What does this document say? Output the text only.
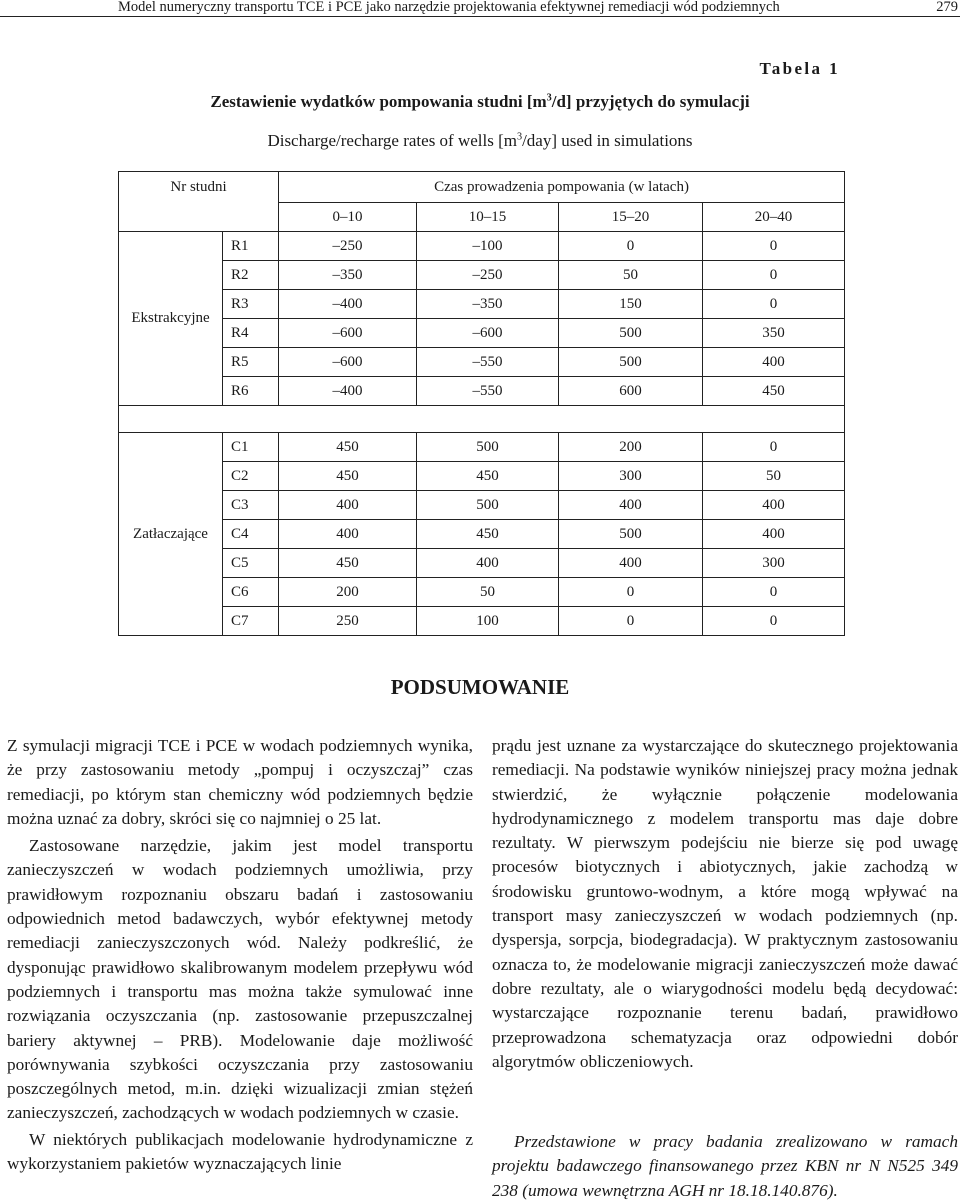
Model numeryczny transportu TCE i PCE jako narzędzie projektowania efektywnej remediacji wód podziemnych	279
Tabela 1
Zestawienie wydatków pompowania studni $[m^3/d]$ przyjętych do symulacji
Discharge/recharge rates of wells $[m^3/day]$ used in simulations
Nr studni		Czas prowadzenia pompowania (w latach)			
		0–10	10–15	15–20	20–40
Ekstrakcyjne	R1	–250	–100	0	0
	R2	–350	–250	50	0
	R3	–400	–350	150	0
	R4	–600	–600	500	350
	R5	–600	–550	500	400
	R6	–400	–550	600	450

Zatłaczające	C1	450	500	200	0
	C2	450	450	300	50
	C3	400	500	400	400
	C4	400	450	500	400
	C5	450	400	400	300
	C6	200	50	0	0
	C7	250	100	0	0
PODSUMOWANIE

Z symulacji migracji TCE i PCE w wodach podziemnych wynika, że przy zastosowaniu metody „pompuj i oczyszczaj” czas remediacji, po którym stan chemiczny wód podziemnych będzie można uznać za dobry, skróci się co najmniej o 25 lat.

Zastosowane narzędzie, jakim jest model transportu zanieczyszczeń w wodach podziemnych umożliwia, przy prawidłowym rozpoznaniu obszaru badań i zastosowaniu odpowiednich metod badawczych, wybór efektywnej metody remediacji zanieczyszczonych wód. Należy podkreślić, że dysponując prawidłowo skalibrowanym modelem przepływu wód podziemnych i transportu mas można także symulować inne rozwiązania oczyszczania (np. zastosowanie przepuszczalnej bariery aktywnej – PRB). Modelowanie daje możliwość porównywania szybkości oczyszczania przy zastosowaniu poszczególnych metod, m.in. dzięki wizualizacji zmian stężeń zanieczyszczeń, zachodzących w wodach podziemnych w czasie.

W niektórych publikacjach modelowanie hydrodynamiczne z wykorzystaniem pakietów wyznaczających linie

prądu jest uznane za wystarczające do skutecznego projektowania remediacji. Na podstawie wyników niniejszej pracy można jednak stwierdzić, że wyłącznie połączenie modelowania hydrodynamicznego z modelem transportu mas daje dobre rezultaty. W pierwszym podejściu nie bierze się pod uwagę procesów biotycznych i abiotycznych, jakie zachodzą w środowisku gruntowo-wodnym, a które mogą wpływać na transport masy zanieczyszczeń w wodach podziemnych (np. dyspersja, sorpcja, biodegradacja). W praktycznym zastosowaniu oznacza to, że modelowanie migracji zanieczyszczeń może dawać dobre rezultaty, ale o wiarygodności modelu będą decydować: wystarczające rozpoznanie terenu badań, prawidłowo przeprowadzona schematyzacja oraz odpowiedni dobór algorytmów obliczeniowych.

Przedstawione w pracy badania zrealizowano w ramach projektu badawczego finansowanego przez KBN nr N N525 349 238 (umowa wewnętrzna AGH nr 18.18.140.876).
